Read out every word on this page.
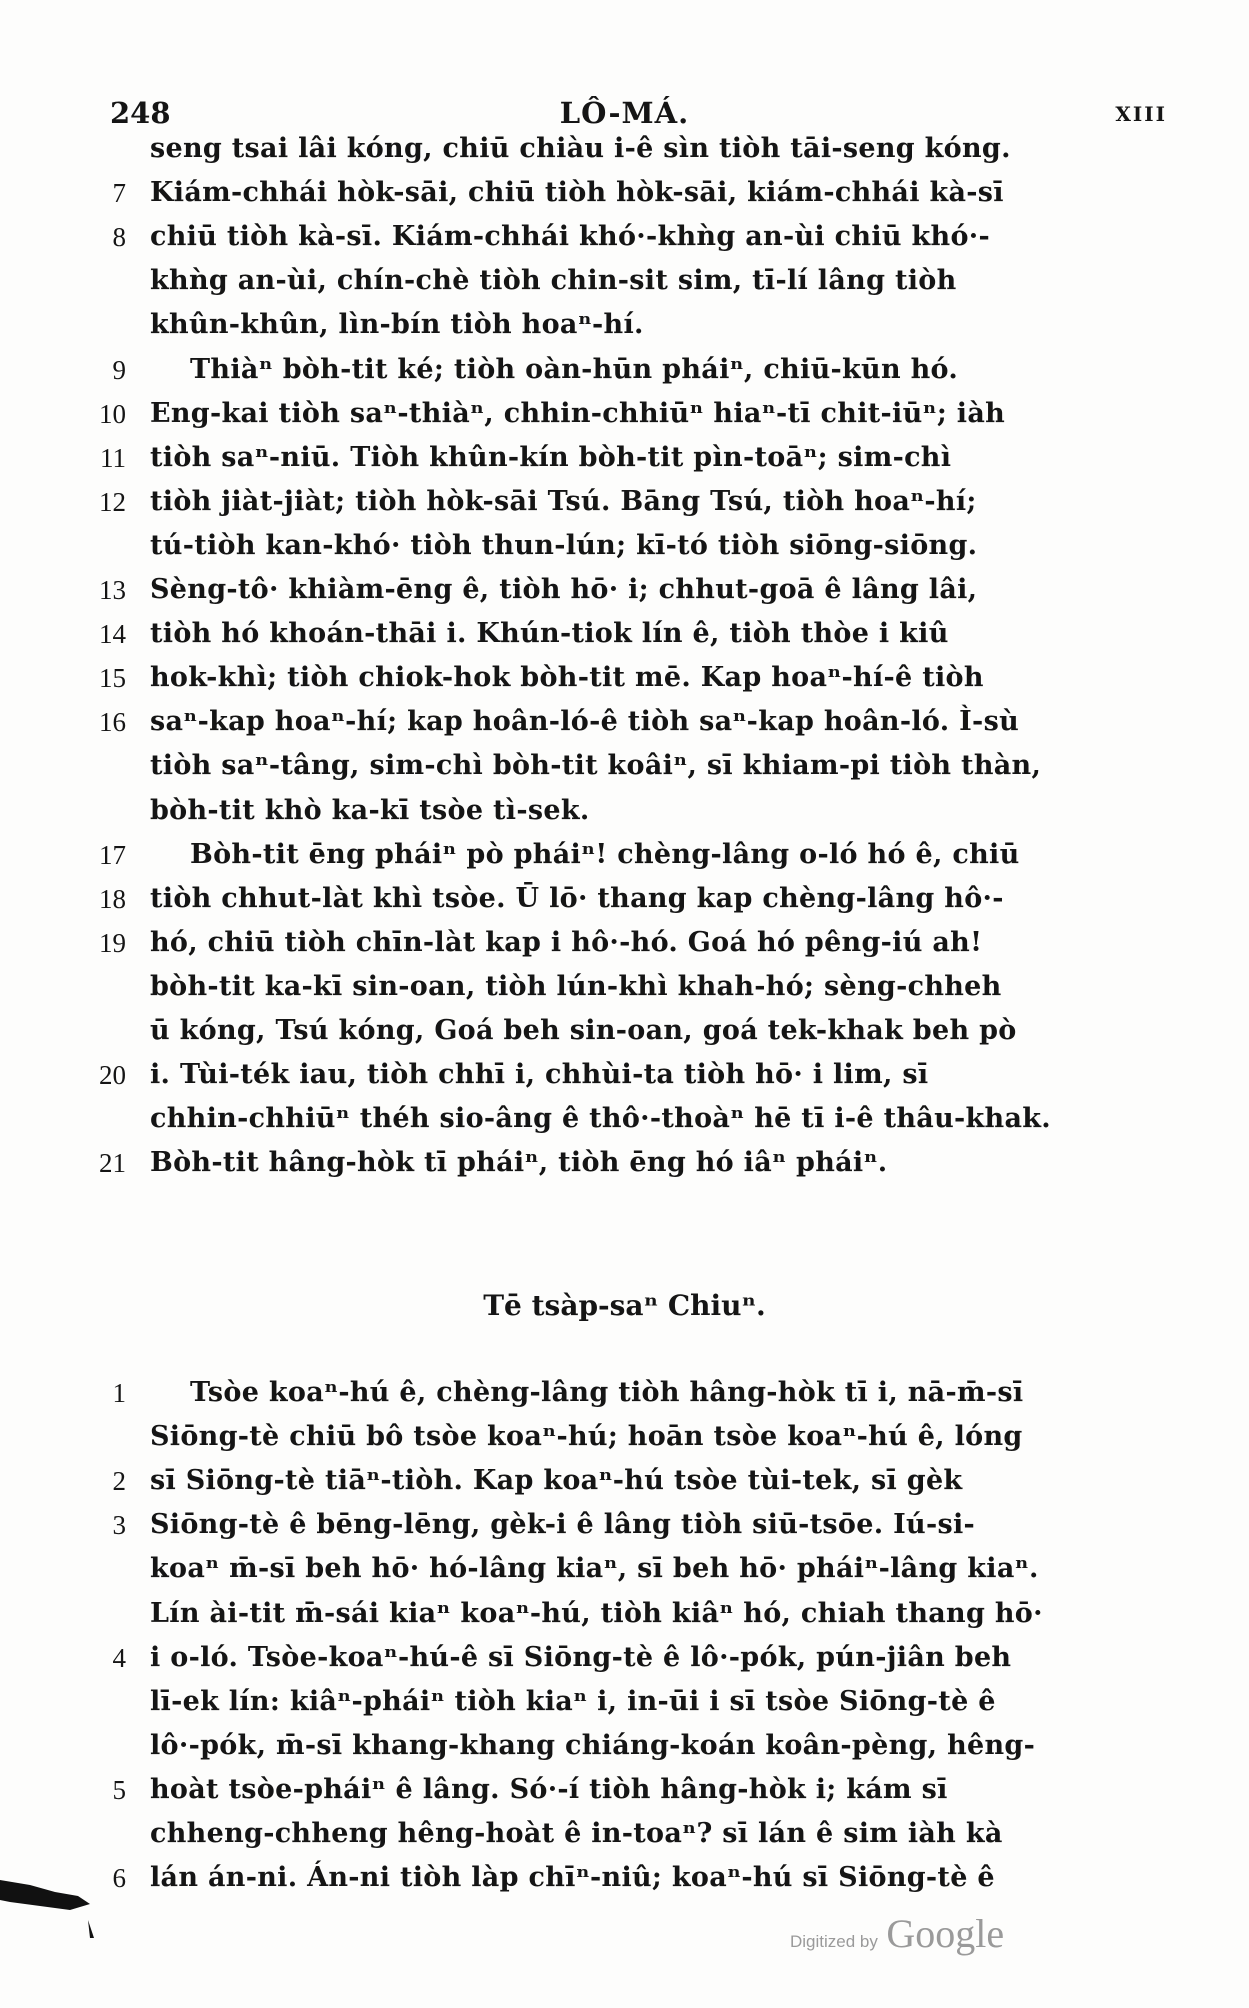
248	LÔ-MÁ.	XIII
seng tsai lâi kóng, chiū chiàu i-ê sìn tiòh tāi-seng kóng.
7 Kiám-chhái hòk-sāi, chiū tiòh hòk-sāi, kiám-chhái kà-sī
8 chiū tiòh kà-sī. Kiám-chhái khó·-khǹg an-ùi chiū khó·-
khǹg an-ùi, chín-chè tiòh chin-sit sim, tī-lí lâng tiòh
khûn-khûn, lìn-bín tiòh hoaⁿ-hí.
9 Thiàⁿ bòh-tit ké; tiòh oàn-hūn pháiⁿ, chiū-kūn hó.
10 Eng-kai tiòh saⁿ-thiàⁿ, chhin-chhiūⁿ hiaⁿ-tī chit-iūⁿ; iàh
11 tiòh saⁿ-niū. Tiòh khûn-kín bòh-tit pìn-toāⁿ; sim-chì
12 tiòh jiàt-jiàt; tiòh hòk-sāi Tsú. Bāng Tsú, tiòh hoaⁿ-hí;
tú-tiòh kan-khó· tiòh thun-lún; kī-tó tiòh siōng-siōng.
13 Sèng-tô· khiàm-ēng ê, tiòh hō· i; chhut-goā ê lâng lâi,
14 tiòh hó khoán-thāi i. Khún-tiok lín ê, tiòh thòe i kiû
15 hok-khì; tiòh chiok-hok bòh-tit mē. Kap hoaⁿ-hí-ê tiòh
16 saⁿ-kap hoaⁿ-hí; kap hoân-ló-ê tiòh saⁿ-kap hoân-ló. Ì-sù
tiòh saⁿ-tâng, sim-chì bòh-tit koâiⁿ, sī khiam-pi tiòh thàn,
bòh-tit khò ka-kī tsòe tì-sek.
17 Bòh-tit ēng pháiⁿ pò pháiⁿ! chèng-lâng o-ló hó ê, chiū
18 tiòh chhut-làt khì tsòe. Ū lō· thang kap chèng-lâng hô·-
19 hó, chiū tiòh chīn-làt kap i hô·-hó. Goá hó pêng-iú ah!
bòh-tit ka-kī sin-oan, tiòh lún-khì khah-hó; sèng-chheh
ū kóng, Tsú kóng, Goá beh sin-oan, goá tek-khak beh pò
20 i. Tùi-ték iau, tiòh chhī i, chhùi-ta tiòh hō· i lim, sī
chhin-chhiūⁿ théh sio-âng ê thô·-thoàⁿ hē tī i-ê thâu-khak.
21 Bòh-tit hâng-hòk tī pháiⁿ, tiòh ēng hó iâⁿ pháiⁿ.
Tē tsàp-saⁿ Chiuⁿ.
1 Tsòe koaⁿ-hú ê, chèng-lâng tiòh hâng-hòk tī i, nā-m̄-sī
Siōng-tè chiū bô tsòe koaⁿ-hú; hoān tsòe koaⁿ-hú ê, lóng
2 sī Siōng-tè tiāⁿ-tiòh. Kap koaⁿ-hú tsòe tùi-tek, sī gèk
3 Siōng-tè ê bēng-lēng, gèk-i ê lâng tiòh siū-tsōe. Iú-si-
koaⁿ m̄-sī beh hō· hó-lâng kiaⁿ, sī beh hō· pháiⁿ-lâng kiaⁿ.
Lín ài-tit m̄-sái kiaⁿ koaⁿ-hú, tiòh kiâⁿ hó, chiah thang hō·
4 i o-ló. Tsòe-koaⁿ-hú-ê sī Siōng-tè ê lô·-pók, pún-jiân beh
lī-ek lín: kiâⁿ-pháiⁿ tiòh kiaⁿ i, in-ūi i sī tsòe Siōng-tè ê
lô·-pók, m̄-sī khang-khang chiáng-koán koân-pèng, hêng-
5 hoàt tsòe-pháiⁿ ê lâng. Só·-í tiòh hâng-hòk i; kám sī
chheng-chheng hêng-hoàt ê in-toaⁿ? sī lán ê sim iàh kà
6 lán án-ni. Án-ni tiòh làp chīⁿ-niû; koaⁿ-hú sī Siōng-tè ê
Digitized by Google
